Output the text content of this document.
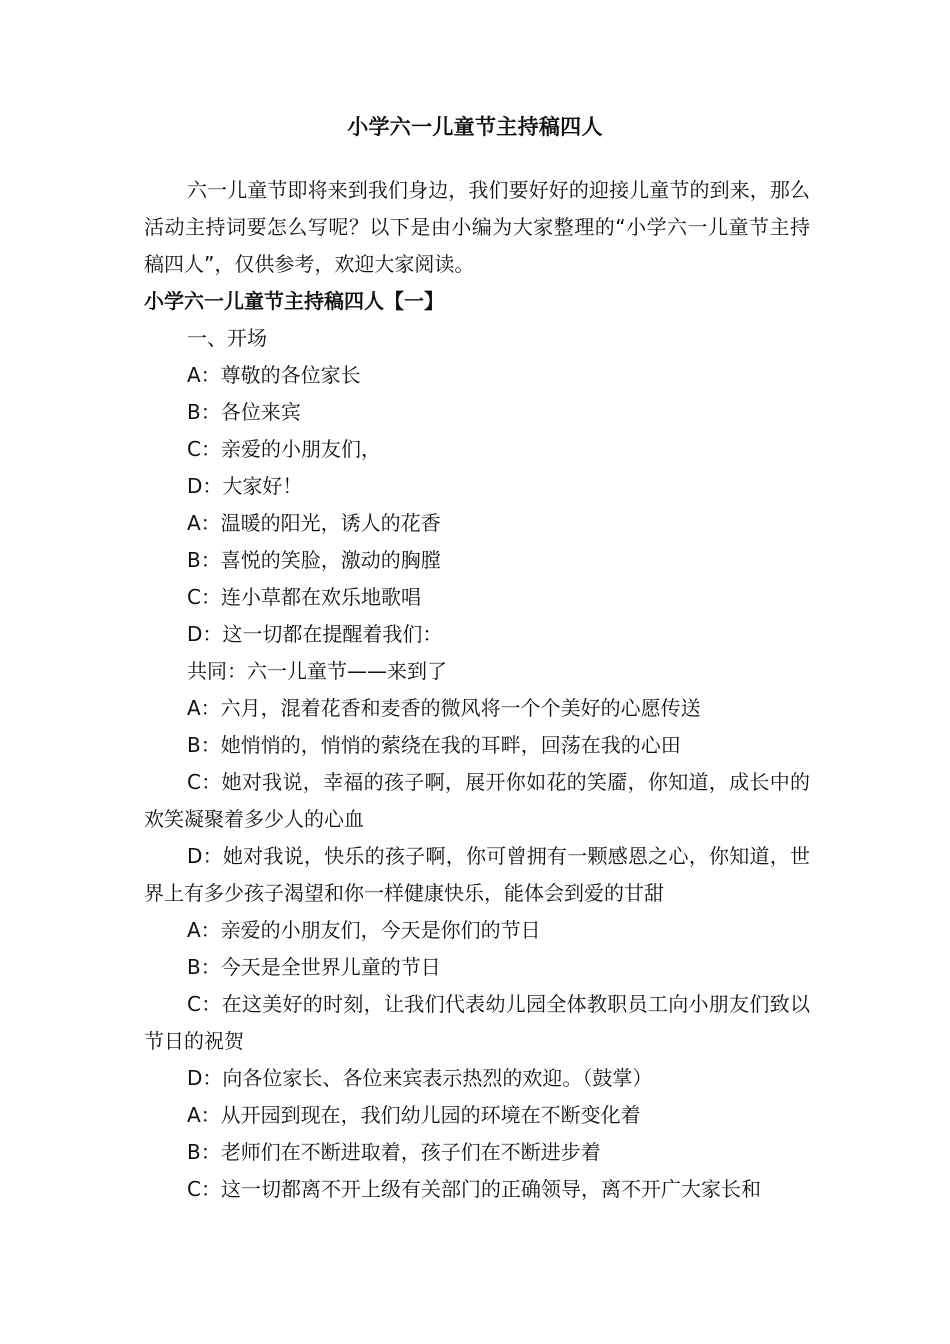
小学六一儿童节主持稿四人

六一儿童节即将来到我们身边，我们要好好的迎接儿童节的到来，那么活动主持词要怎么写呢？以下是由小编为大家整理的“小学六一儿童节主持稿四人”，仅供参考，欢迎大家阅读。

小学六一儿童节主持稿四人【一】

一、开场

A：尊敬的各位家长

B：各位来宾

C：亲爱的小朋友们，

D：大家好！

A：温暖的阳光，诱人的花香

B：喜悦的笑脸，激动的胸膛

C：连小草都在欢乐地歌唱

D：这一切都在提醒着我们：

共同：六一儿童节——来到了

A：六月，混着花香和麦香的微风将一个个美好的心愿传送

B：她悄悄的，悄悄的萦绕在我的耳畔，回荡在我的心田

C：她对我说，幸福的孩子啊，展开你如花的笑靥，你知道，成长中的欢笑凝聚着多少人的心血

D：她对我说，快乐的孩子啊，你可曾拥有一颗感恩之心，你知道，世界上有多少孩子渴望和你一样健康快乐，能体会到爱的甘甜

A：亲爱的小朋友们，今天是你们的节日

B：今天是全世界儿童的节日

C：在这美好的时刻，让我们代表幼儿园全体教职员工向小朋友们致以节日的祝贺

D：向各位家长、各位来宾表示热烈的欢迎。（鼓掌）

A：从开园到现在，我们幼儿园的环境在不断变化着

B：老师们在不断进取着，孩子们在不断进步着

C：这一切都离不开上级有关部门的正确领导，离不开广大家长和
